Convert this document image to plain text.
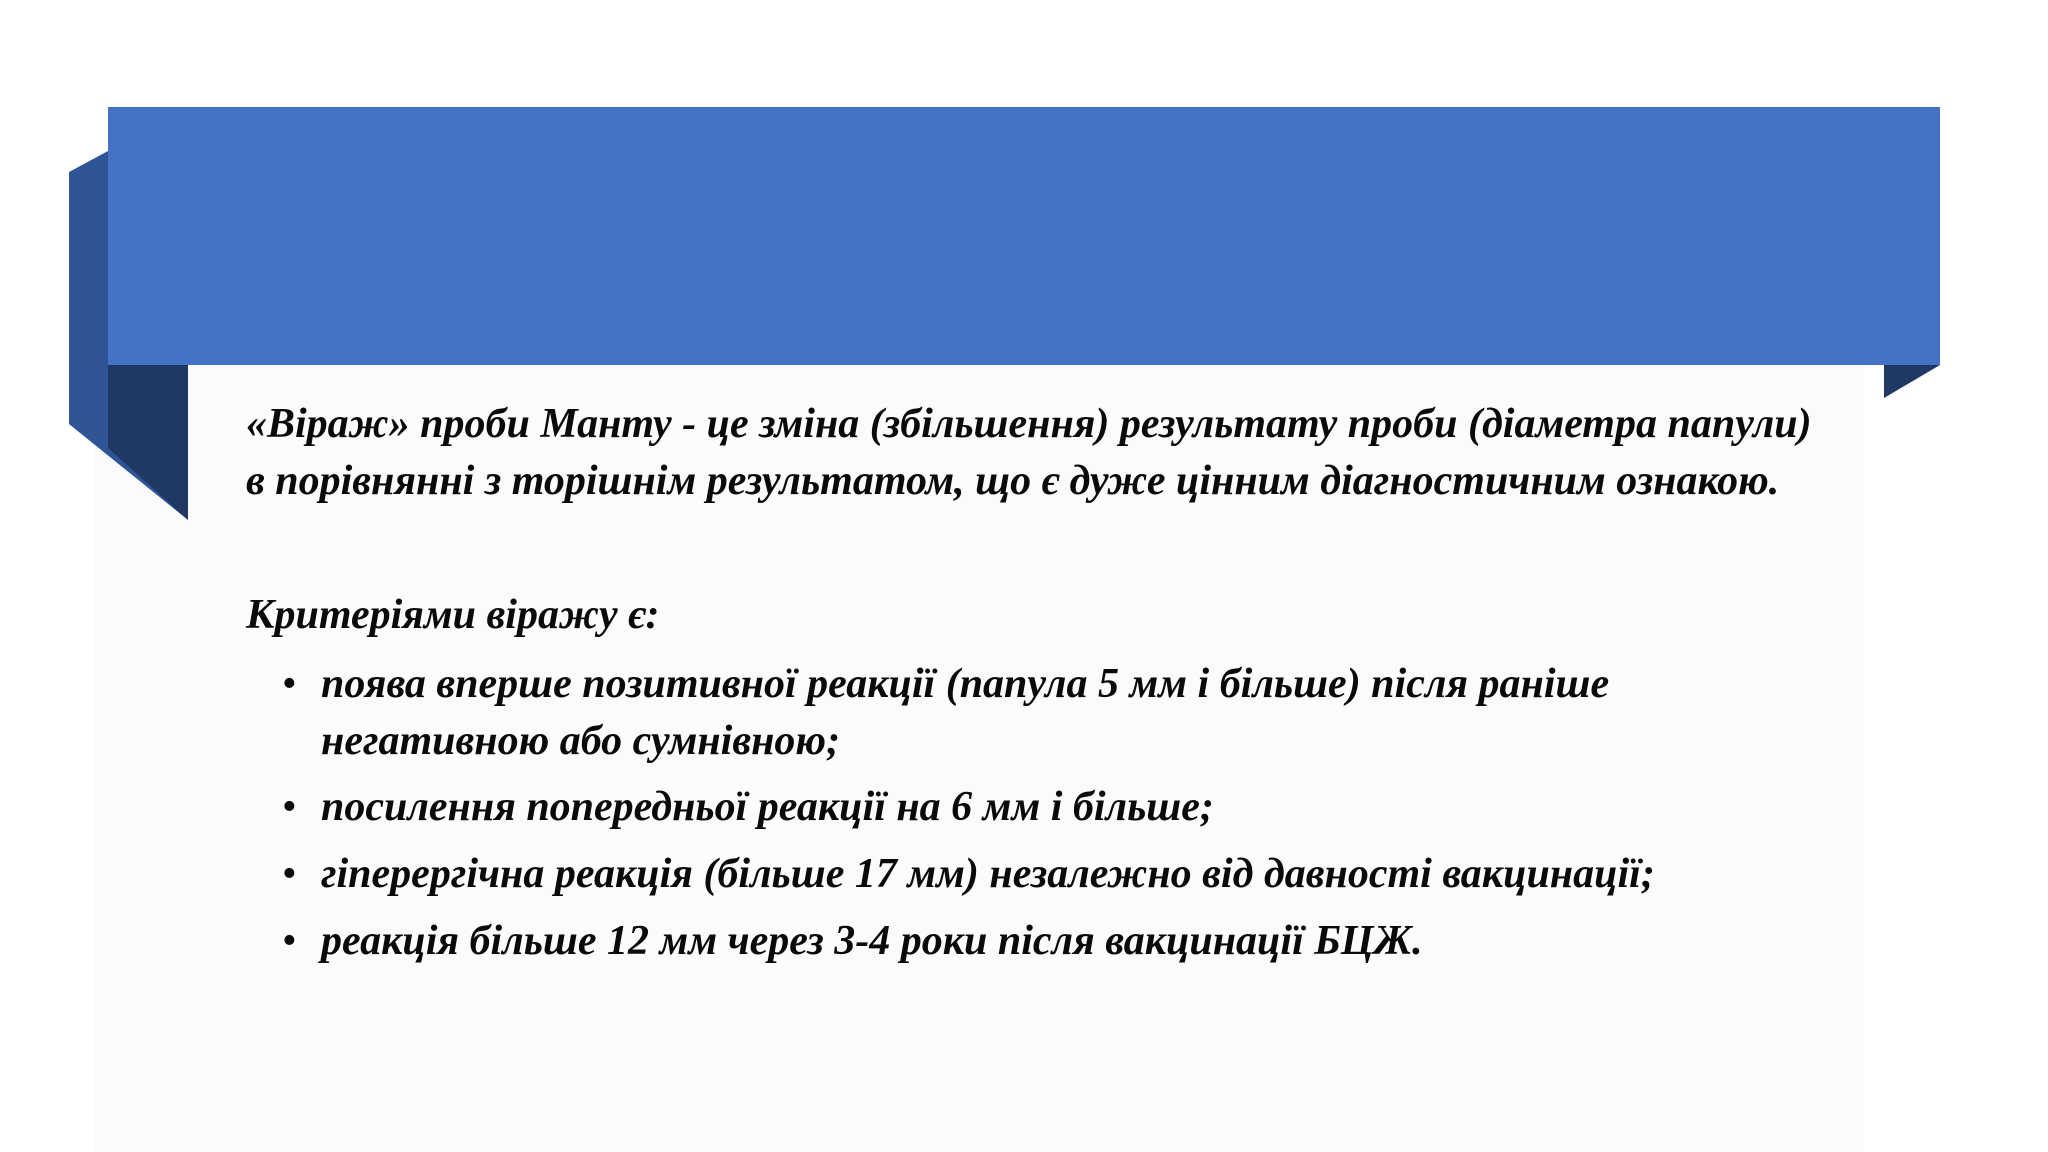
«Віраж» проби Манту - це зміна (збільшення) результату проби (діаметра папули) в порівнянні з торішнім результатом, що є дуже цінним діагностичним ознакою.

Критеріями віражу є:

• поява вперше позитивної реакції (папула 5 мм і більше) після раніше негативною або сумнівною;
• посилення попередньої реакції на 6 мм і більше;
• гіперергічна реакція (більше 17 мм) незалежно від давності вакцинації;
• реакція більше 12 мм через 3-4 роки після вакцинації БЦЖ.
